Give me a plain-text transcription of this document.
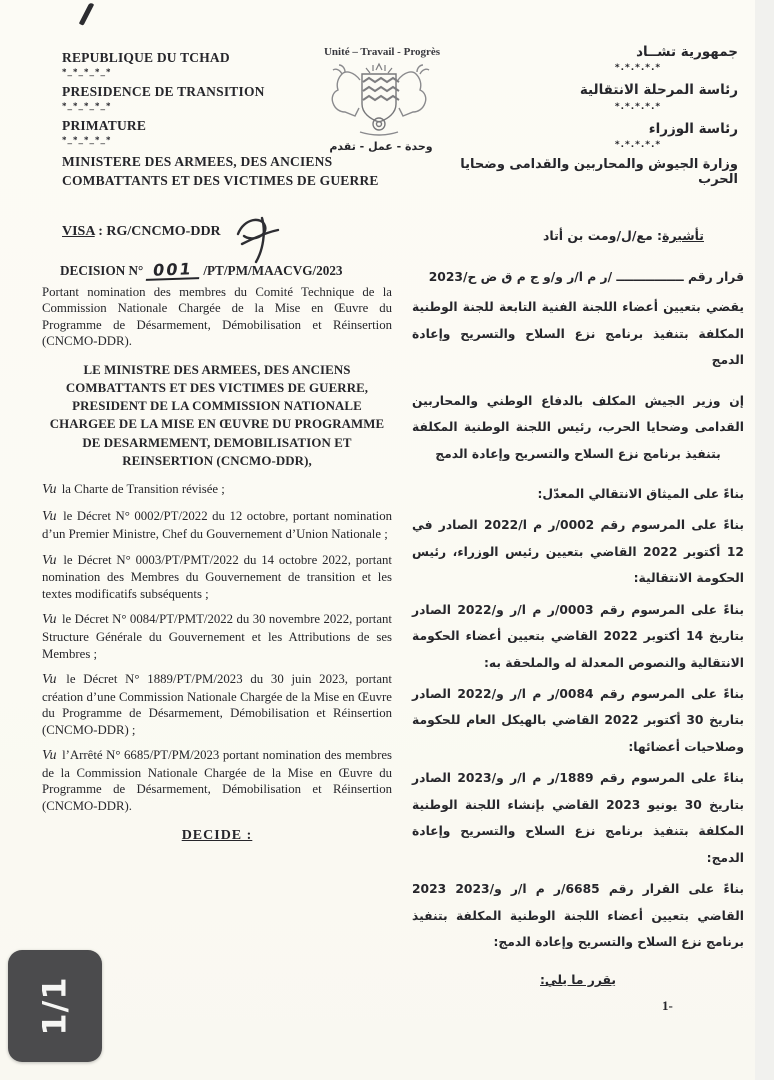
REPUBLIQUE DU TCHAD
*_*_*_*_*
PRESIDENCE DE TRANSITION
*_*_*_*_*
PRIMATURE
*_*_*_*_*
MINISTERE DES ARMEES, DES ANCIENS COMBATTANTS ET DES VICTIMES DE GUERRE
Unité – Travail - Progrès
وحدة - عمل - تقدم
جمهورية تشــاد
*.*.*.*.*
رئاسة المرحلة الانتقالية
*.*.*.*.*
رئاسة الوزراء
*.*.*.*.*
وزارة الجيوش والمحاربين والقدامى وضحايا الحرب
VISA : RG/CNCMO-DDR	تأشيرة: مع/ل/ومت بن أتاد
DECISION N° 001 /PT/PM/MAACVG/2023

Portant nomination des membres du Comité Technique de la Commission Nationale Chargée de la Mise en Œuvre du Programme de Désarmement, Démobilisation et Réinsertion (CNCMO-DDR).

LE MINISTRE DES ARMEES, DES ANCIENS COMBATTANTS ET DES VICTIMES DE GUERRE, PRESIDENT DE LA COMMISSION NATIONALE CHARGEE DE LA MISE EN ŒUVRE DU PROGRAMME DE DESARMEMENT, DEMOBILISATION ET REINSERTION (CNCMO-DDR),

Vu la Charte de Transition révisée ;

Vu le Décret N° 0002/PT/2022 du 12 octobre, portant nomination d’un Premier Ministre, Chef du Gouvernement d’Union Nationale ;

Vu le Décret N° 0003/PT/PMT/2022 du 14 octobre 2022, portant nomination des Membres du Gouvernement de transition et les textes modificatifs subséquents ;

Vu le Décret N° 0084/PT/PMT/2022 du 30 novembre 2022, portant Structure Générale du Gouvernement et les Attributions de ses Membres ;

Vu le Décret N° 1889/PT/PM/2023 du 30 juin 2023, portant création d’une Commission Nationale Chargée de la Mise en Œuvre du Programme de Désarmement, Démobilisation et Réinsertion (CNCMO-DDR) ;

Vu l’Arrêté N° 6685/PT/PM/2023 portant nomination des membres de la Commission Nationale Chargée de la Mise en Œuvre du Programme de Désarmement, Démobilisation et Réinsertion (CNCMO-DDR).

DECIDE :

قرار رقم ــــــــــــــــ /ر م ا/ر و/و ج م ق ض ح/2023

يقضي بتعيين أعضاء اللجنة الفنية التابعة للجنة الوطنية المكلفة بتنفيذ برنامج نزع السلاح والتسريح وإعادة الدمج

إن وزير الجيش المكلف بالدفاع الوطني والمحاربين القدامى وضحايا الحرب، رئيس اللجنة الوطنية المكلفة بتنفيذ برنامج نزع السلاح والتسريح وإعادة الدمج

بناءً على الميثاق الانتقالي المعدّل:

بناءً على المرسوم رقم 0002/ر م ا/2022 الصادر في 12 أكتوبر 2022 القاضي بتعيين رئيس الوزراء، رئيس الحكومة الانتقالية:

بناءً على المرسوم رقم 0003/ر م ا/ر و/2022 الصادر بتاريخ 14 أكتوبر 2022 القاضي بتعيين أعضاء الحكومة الانتقالية والنصوص المعدلة له والملحقة به:

بناءً على المرسوم رقم 0084/ر م ا/ر و/2022 الصادر بتاريخ 30 أكتوبر 2022 القاضي بالهيكل العام للحكومة وصلاحيات أعضائها:

بناءً على المرسوم رقم 1889/ر م ا/ر و/2023 الصادر بتاريخ 30 يونيو 2023 القاضي بإنشاء اللجنة الوطنية المكلفة بتنفيذ برنامج نزع السلاح والتسريح وإعادة الدمج:

بناءً على القرار رقم 6685/ر م ا/ر و/2023 2023 القاضي بتعيين أعضاء اللجنة الوطنية المكلفة بتنفيذ برنامج نزع السلاح والتسريح وإعادة الدمج:

يقرر ما يلي:
1-
1/1
